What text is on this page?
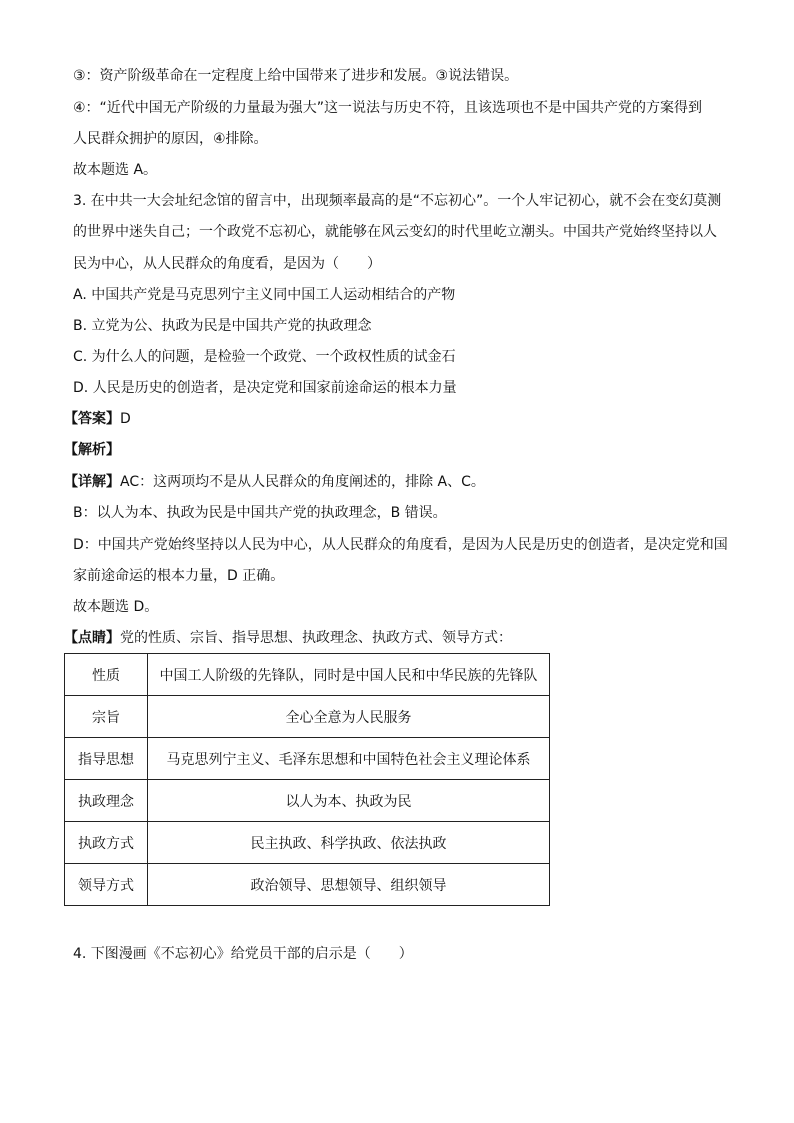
③：资产阶级革命在一定程度上给中国带来了进步和发展。③说法错误。
④：“近代中国无产阶级的力量最为强大”这一说法与历史不符，且该选项也不是中国共产党的方案得到
人民群众拥护的原因，④排除。
故本题选 A。
3. 在中共一大会址纪念馆的留言中，出现频率最高的是“不忘初心”。一个人牢记初心，就不会在变幻莫测
的世界中迷失自己；一个政党不忘初心，就能够在风云变幻的时代里屹立潮头。中国共产党始终坚持以人
民为中心，从人民群众的角度看，是因为（　　）
A. 中国共产党是马克思列宁主义同中国工人运动相结合的产物
B. 立党为公、执政为民是中国共产党的执政理念
C. 为什么人的问题，是检验一个政党、一个政权性质的试金石
D. 人民是历史的创造者，是决定党和国家前途命运的根本力量
【答案】D
【解析】
【详解】AC：这两项均不是从人民群众的角度阐述的，排除 A、C。
B：以人为本、执政为民是中国共产党的执政理念，B 错误。
D：中国共产党始终坚持以人民为中心，从人民群众的角度看，是因为人民是历史的创造者，是决定党和国
家前途命运的根本力量，D 正确。
故本题选 D。
【点睛】党的性质、宗旨、指导思想、执政理念、执政方式、领导方式：
性质	中国工人阶级的先锋队，同时是中国人民和中华民族的先锋队
宗旨	全心全意为人民服务
指导思想	马克思列宁主义、毛泽东思想和中国特色社会主义理论体系
执政理念	以人为本、执政为民
执政方式	民主执政、科学执政、依法执政
领导方式	政治领导、思想领导、组织领导
4. 下图漫画《不忘初心》给党员干部的启示是（　　）
